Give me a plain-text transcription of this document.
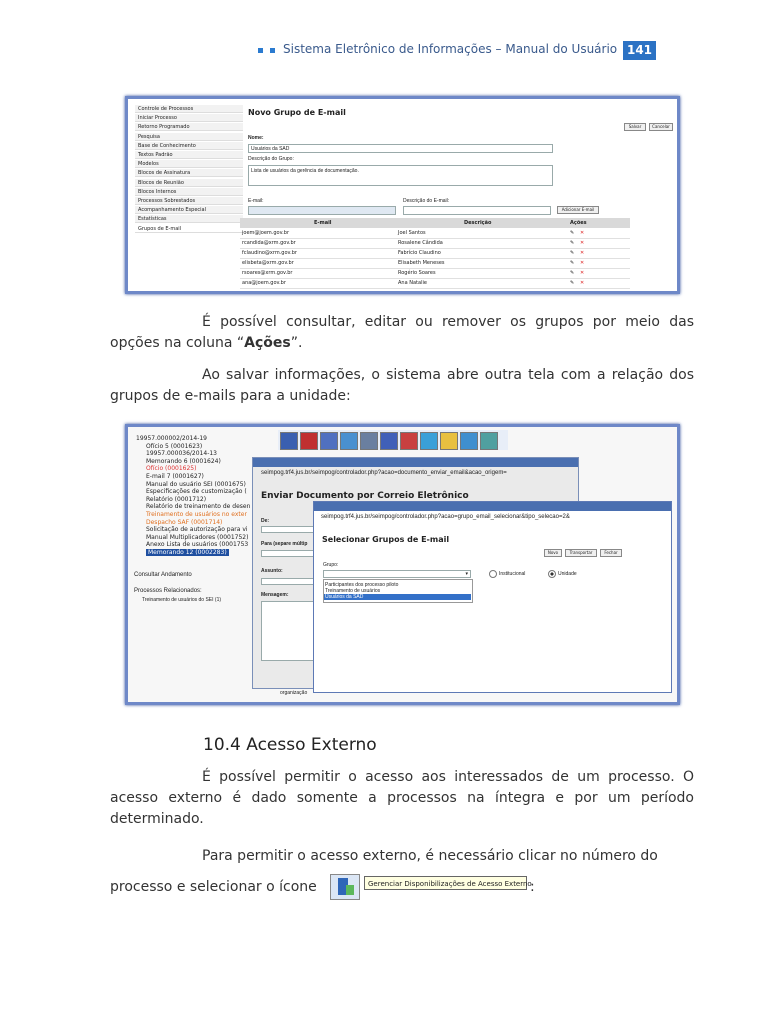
Sistema Eletrônico de Informações – Manual do Usuário 141
Controle de Processos
Iniciar Processo
Retorno Programado
Pesquisa
Base de Conhecimento
Textos Padrão
Modelos
Blocos de Assinatura
Blocos de Reunião
Blocos Internos
Processos Sobrestados
Acompanhamento Especial
Estatísticas
Grupos de E-mail
Novo Grupo de E-mail
Salvar	Cancelar
Nome:
Usuários da SAD
Descrição do Grupo:
Lista de usuários da gerência de documentação.
E-mail:	Descrição do E-mail:
Adicionar E-mail
E-mail	Descrição	Ações
joem@joem.gov.br	Joel Santos	✎ ✕
rcandida@xrm.gov.br	Rosalene Cândida	✎ ✕
fclaudino@xrm.gov.br	Fabrício Claudino	✎ ✕
elisbeta@xrm.gov.br	Elisabeth Meneses	✎ ✕
rsoares@xrm.gov.br	Rogério Soares	✎ ✕
ana@joem.gov.br	Ana Natalie	✎ ✕
É possível consultar, editar ou remover os grupos por meio das opções na coluna “Ações”.
Ao salvar informações, o sistema abre outra tela com a relação dos grupos de e-mails para a unidade:
19957.000002/2014-19
Ofício 5 (0001623)
19957.000036/2014-13
Memorando 6 (0001624)
Ofício (0001625)
E-mail 7 (0001627)
Manual do usuário SEI (0001675)
Especificações de customização (
Relatório (0001712)
Relatório de treinamento de desen
Treinamento de usuários no exter
Despacho SAF (0001714)
Solicitação de autorização para vi
Manual Multiplicadores (0001752)
Anexo Lista de usuários (0001753
Memorando 12 (0002283)
Consultar Andamento
Processos Relacionados:
Treinamento de usuários do SEI (1)
organização
seimpog.trf4.jus.br/seimpog/controlador.php?acao=documento_enviar_email&acao_origem=
Enviar Documento por Correio Eletrônico
De:
Para (separe múltip
Assunto:
Mensagem:
seimpog.trf4.jus.br/seimpog/controlador.php?acao=grupo_email_selecionar&tipo_selecao=2&
Selecionar Grupos de E-mail
Novo	Transportar	Fechar
Grupo:
▾
Participantes dos processo piloto
Treinamento de usuários
Usuários da SAD
Institucional	Unidade
10.4 Acesso Externo
É possível permitir o acesso aos interessados de um processo. O acesso externo é dado somente a processos na íntegra e por um período determinado.
Para permitir o acesso externo, é necessário clicar no número do
processo e selecionar o ícone	Gerenciar Disponibilizações de Acesso Externo
:
